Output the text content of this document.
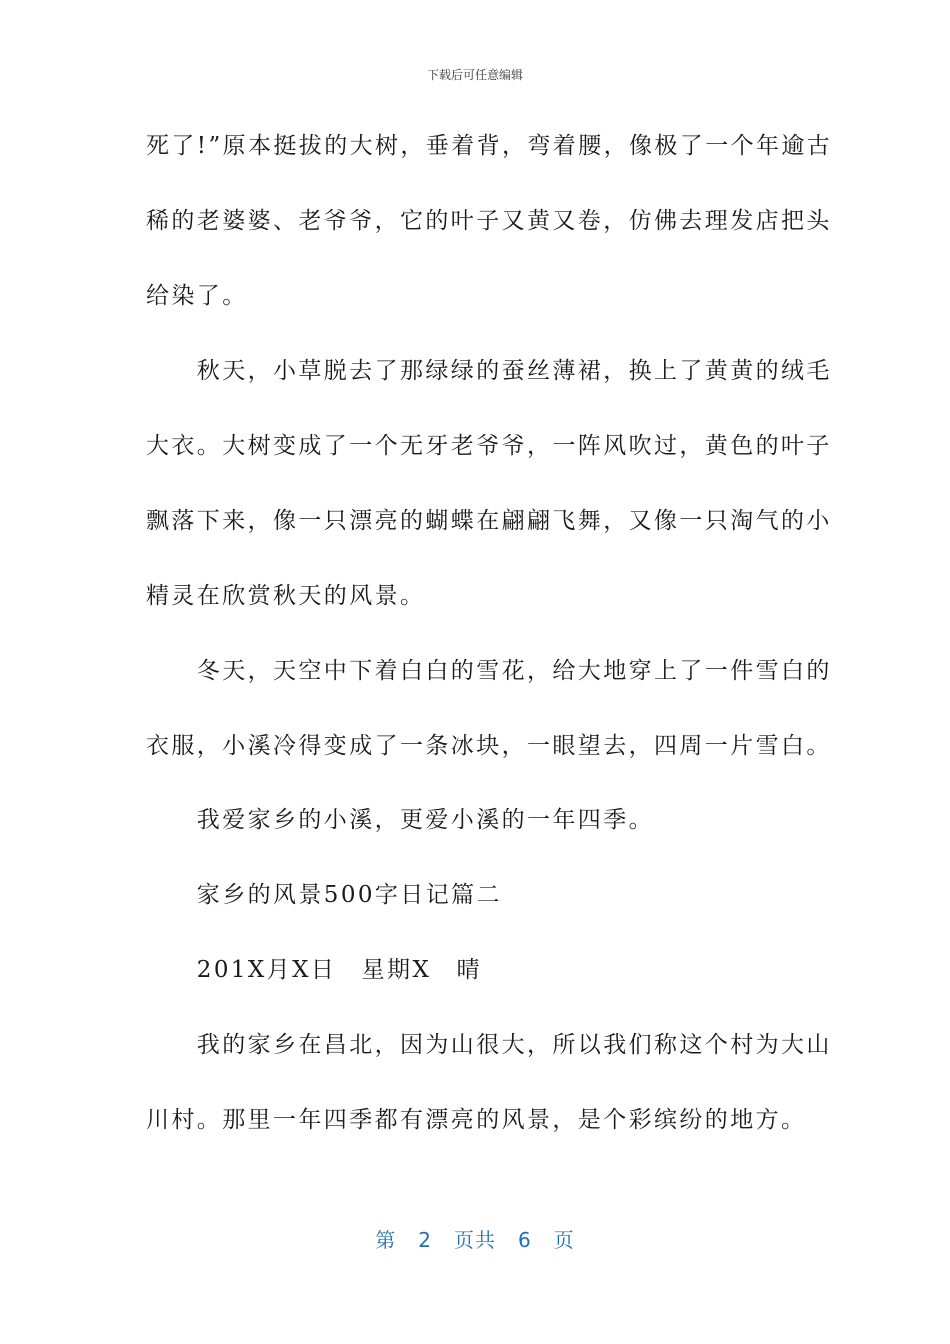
下载后可任意编辑
死了!”原本挺拔的大树，垂着背，弯着腰，像极了一个年逾古
稀的老婆婆、老爷爷，它的叶子又黄又卷，仿佛去理发店把头
给染了。
　　秋天，小草脱去了那绿绿的蚕丝薄裙，换上了黄黄的绒毛
大衣。大树变成了一个无牙老爷爷，一阵风吹过，黄色的叶子
飘落下来，像一只漂亮的蝴蝶在翩翩飞舞，又像一只淘气的小
精灵在欣赏秋天的风景。
　　冬天，天空中下着白白的雪花，给大地穿上了一件雪白的
衣服，小溪冷得变成了一条冰块，一眼望去，四周一片雪白。
　　我爱家乡的小溪，更爱小溪的一年四季。
　　家乡的风景500字日记篇二
　　201X月X日　星期X　晴
　　我的家乡在昌北，因为山很大，所以我们称这个村为大山
川村。那里一年四季都有漂亮的风景，是个彩缤纷的地方。
第 2 页共 6 页
